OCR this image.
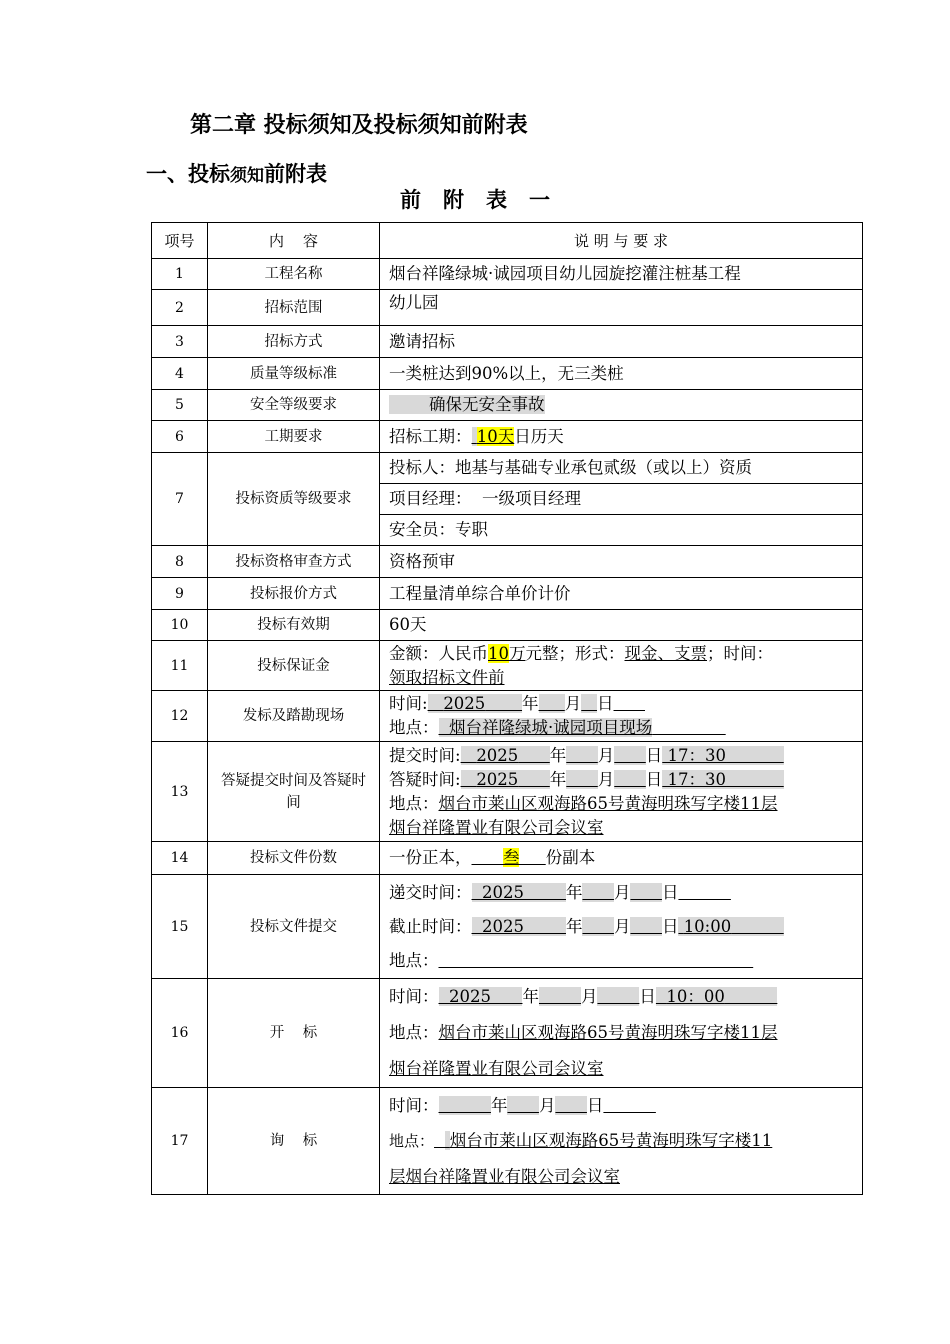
第二章 投标须知及投标须知前附表
一、投标须知前附表
前附表一
项号	内    容	说 明 与 要 求
1	工程名称	烟台祥隆绿城·诚园项目幼儿园旋挖灌注桩基工程
2	招标范围	幼儿园
3	招标方式	邀请招标
4	质量等级标准	一类桩达到90%以上，无三类桩
5	安全等级要求	确保无安全事故
6	工期要求	招标工期： 10天日历天
7	投标资质等级要求	投标人：地基与基础专业承包贰级（或以上）资质
		项目经理：  一级项目经理
		安全员：专职
8	投标资格审查方式	资格预审
9	投标报价方式	工程量清单综合单价计价
10	投标有效期	60天
11	投标保证金	金额：人民币10万元整；形式：现金、支票；时间：
领取招标文件前

12	发标及踏勘现场	时间: 2025 年 月 日
地点： 烟台祥隆绿城·诚园项目现场

13	答疑提交时间及答疑时间	提交时间: 2025 年 月 日 17：30
答疑时间: 2025 年 月 日 17：30
地点：烟台市莱山区观海路65号黄海明珠写字楼11层
烟台祥隆置业有限公司会议室

14	投标文件份数	一份正本， 叁 份副本
15	投标文件提交	递交时间： 2025 年 月 日
截止时间： 2025 年 月 日 10:00
地点：

16	开    标	时间： 2025 年 月 日 10：00
地点：烟台市莱山区观海路65号黄海明珠写字楼11层
烟台祥隆置业有限公司会议室

17	询    标	时间： 年 月 日
地点： 烟台市莱山区观海路65号黄海明珠写字楼11
层烟台祥隆置业有限公司会议室
